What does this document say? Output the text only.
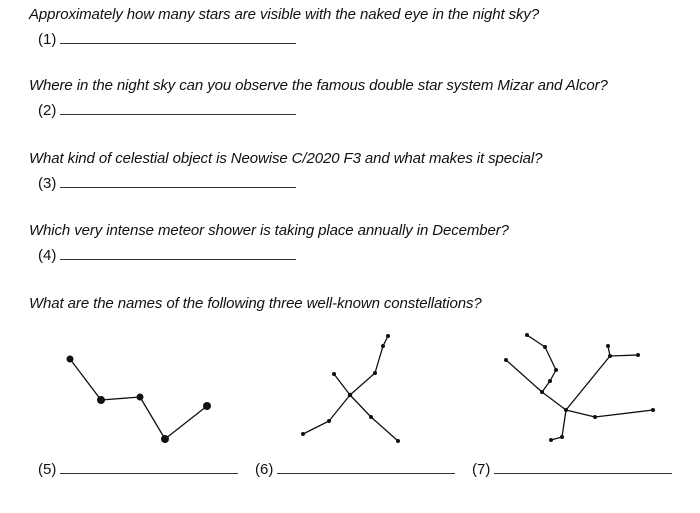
Approximately how many stars are visible with the naked eye in the night sky?
(1)
Where in the night sky can you observe the famous double star system Mizar and Alcor?
(2)
What kind of celestial object is Neowise C/2020 F3 and what makes it special?
(3)
Which very intense meteor shower is taking place annually in December?
(4)
What are the names of the following three well-known constellations?
(5)	(6)	(7)
